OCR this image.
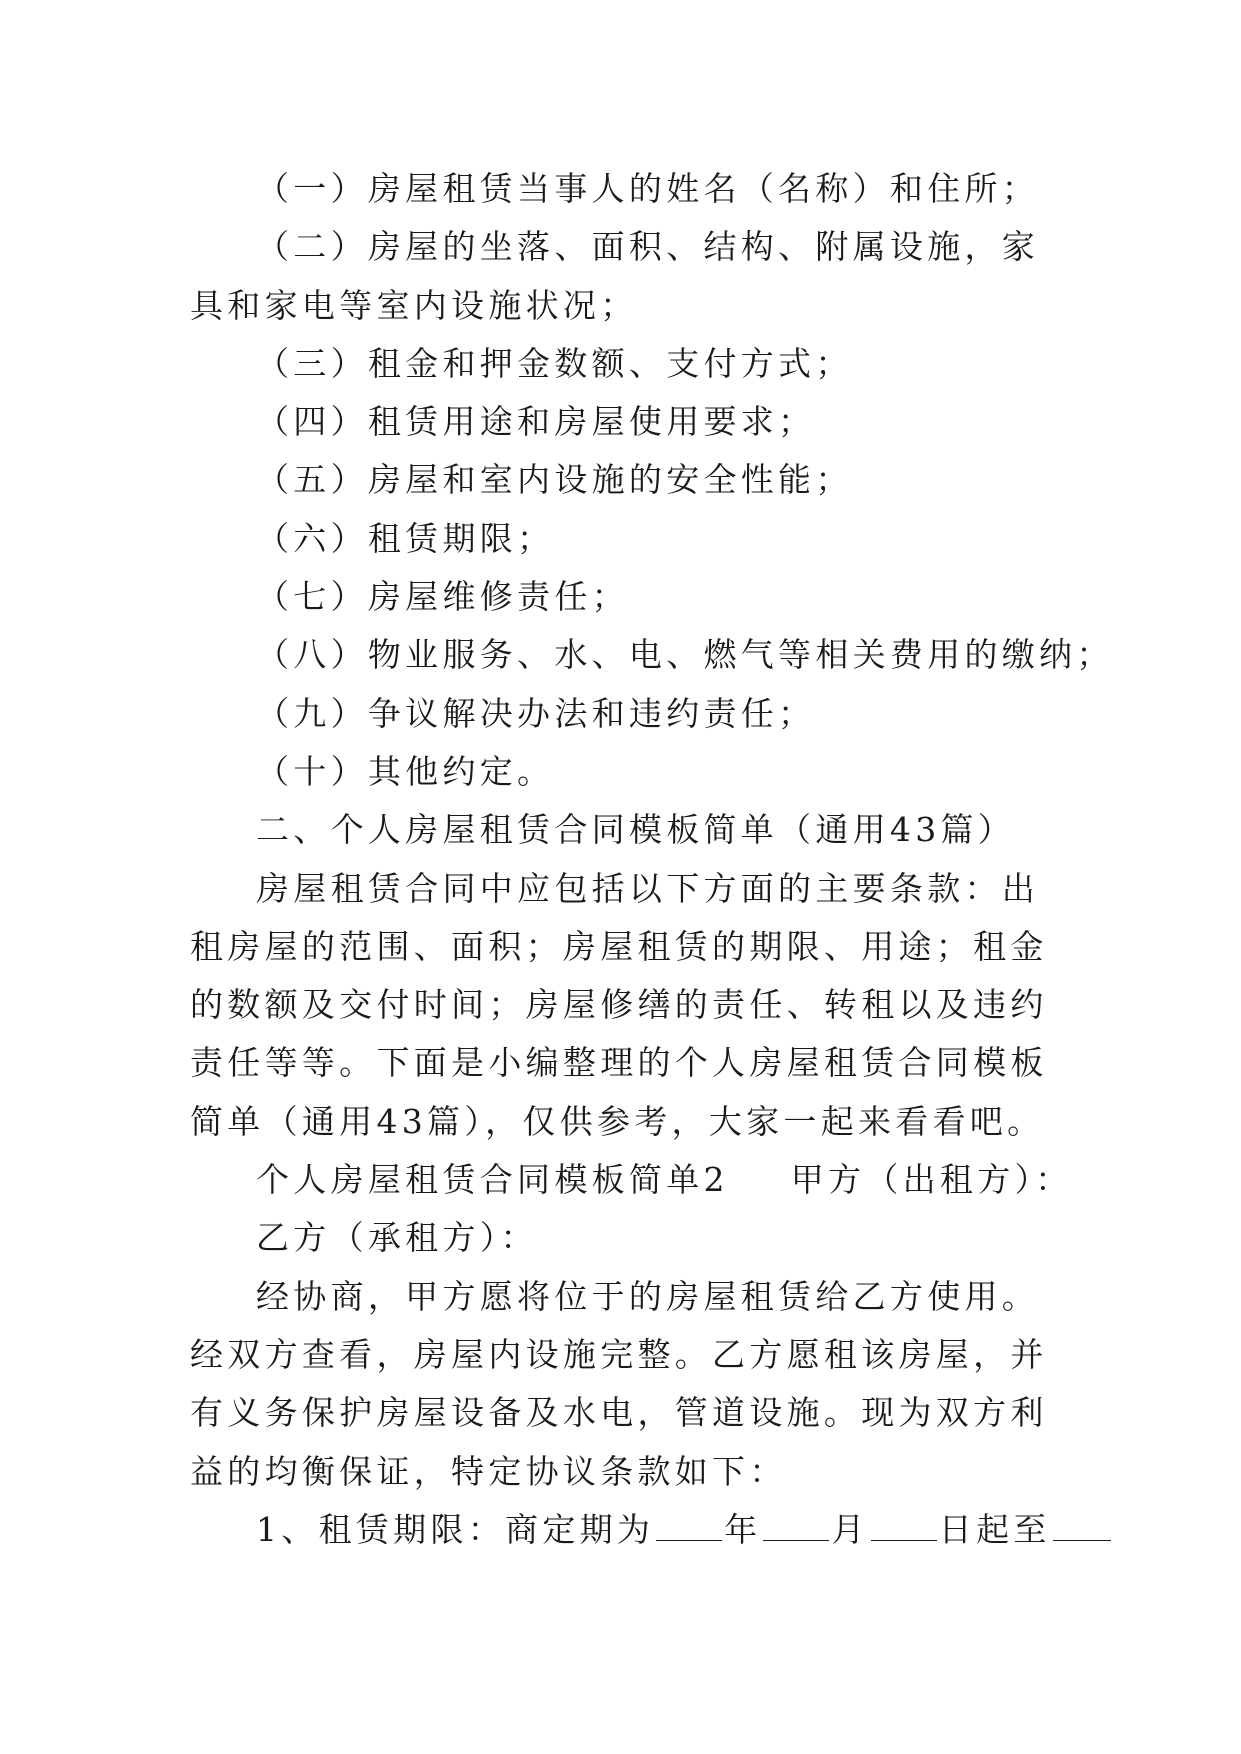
（一）房屋租赁当事人的姓名（名称）和住所；
（二）房屋的坐落、面积、结构、附属设施，家具和家电等室内设施状况；
（三）租金和押金数额、支付方式；
（四）租赁用途和房屋使用要求；
（五）房屋和室内设施的安全性能；
（六）租赁期限；
（七）房屋维修责任；
（八）物业服务、水、电、燃气等相关费用的缴纳；
（九）争议解决办法和违约责任；
（十）其他约定。
二、个人房屋租赁合同模板简单（通用43篇）
房屋租赁合同中应包括以下方面的主要条款：出租房屋的范围、面积；房屋租赁的期限、用途；租金的数额及交付时间；房屋修缮的责任、转租以及违约责任等等。下面是小编整理的个人房屋租赁合同模板简单（通用43篇），仅供参考，大家一起来看看吧。
个人房屋租赁合同模板简单2 甲方（出租方）：
乙方（承租方）：
经协商，甲方愿将位于的房屋租赁给乙方使用。经双方查看，房屋内设施完整。乙方愿租该房屋，并有义务保护房屋设备及水电，管道设施。现为双方利益的均衡保证，特定协议条款如下：
1、租赁期限：商定期为 年 月 日起至
